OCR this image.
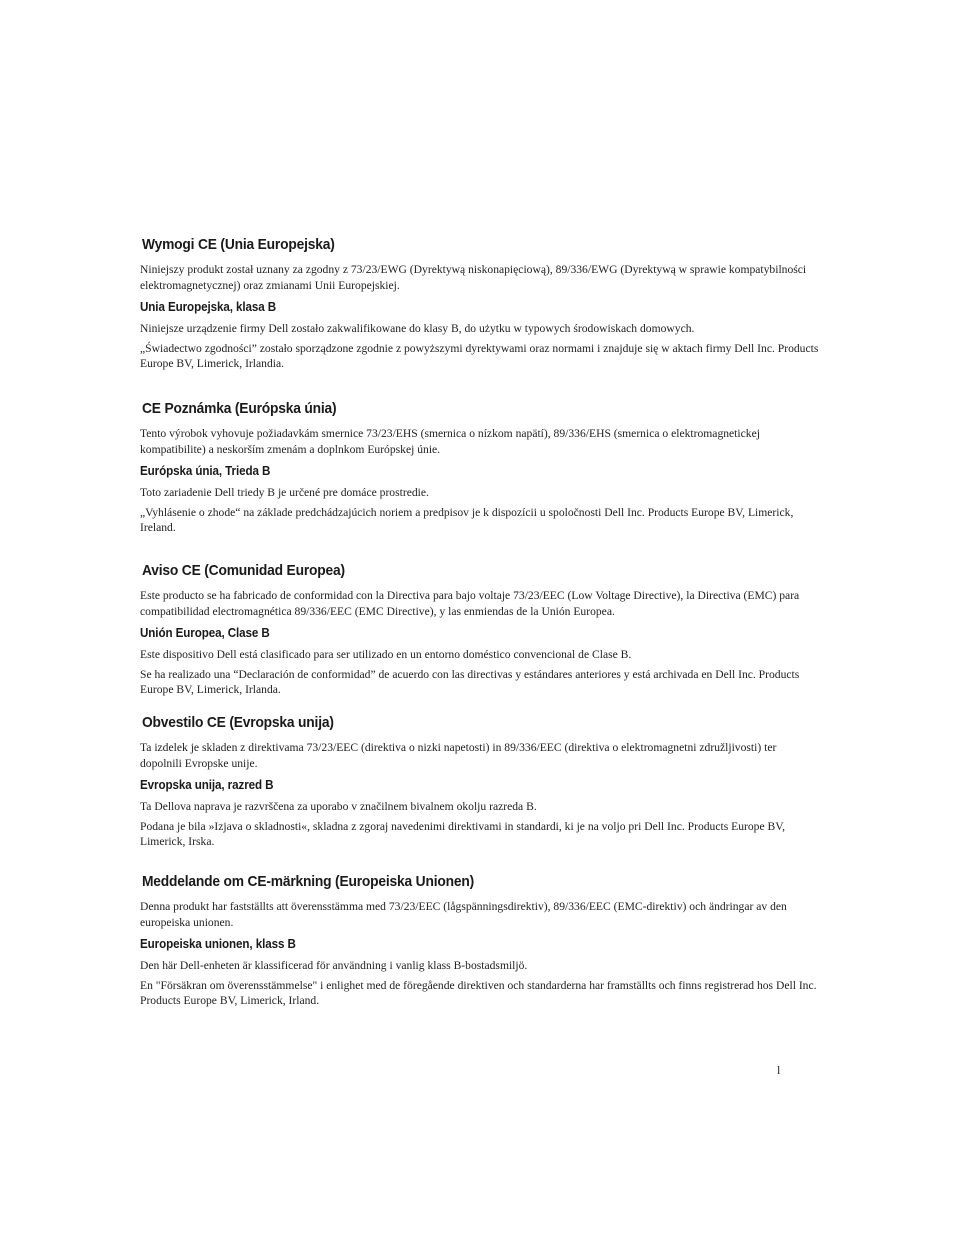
Wymogi CE (Unia Europejska)

Niniejszy produkt został uznany za zgodny z 73/23/EWG (Dyrektywą niskonapięciową), 89/336/EWG (Dyrektywą w sprawie kompatybilności elektromagnetycznej) oraz zmianami Unii Europejskiej.

Unia Europejska, klasa B

Niniejsze urządzenie firmy Dell zostało zakwalifikowane do klasy B, do użytku w typowych środowiskach domowych.

„Świadectwo zgodności” zostało sporządzone zgodnie z powyższymi dyrektywami oraz normami i znajduje się w aktach firmy Dell Inc. Products Europe BV, Limerick, Irlandia.

CE Poznámka (Európska únia)

Tento výrobok vyhovuje požiadavkám smernice 73/23/EHS (smernica o nízkom napätí), 89/336/EHS (smernica o elektromagnetickej kompatibilite) a neskorším zmenám a doplnkom Európskej únie.

Európska únia, Trieda B

Toto zariadenie Dell triedy B je určené pre domáce prostredie.

„Vyhlásenie o zhode“ na základe predchádzajúcich noriem a predpisov je k dispozícii u spoločnosti Dell Inc. Products Europe BV, Limerick, Ireland.

Aviso CE (Comunidad Europea)

Este producto se ha fabricado de conformidad con la Directiva para bajo voltaje 73/23/EEC (Low Voltage Directive), la Directiva (EMC) para compatibilidad electromagnética 89/336/EEC (EMC Directive), y las enmiendas de la Unión Europea.

Unión Europea, Clase B

Este dispositivo Dell está clasificado para ser utilizado en un entorno doméstico convencional de Clase B.

Se ha realizado una “Declaración de conformidad” de acuerdo con las directivas y estándares anteriores y está archivada en Dell Inc. Products Europe BV, Limerick, Irlanda.

Obvestilo CE (Evropska unija)

Ta izdelek je skladen z direktivama 73/23/EEC (direktiva o nizki napetosti) in 89/336/EEC (direktiva o elektromagnetni združljivosti) ter dopolnili Evropske unije.

Evropska unija, razred B

Ta Dellova naprava je razvrščena za uporabo v značilnem bivalnem okolju razreda B.

Podana je bila »Izjava o skladnosti«, skladna z zgoraj navedenimi direktivami in standardi, ki je na voljo pri Dell Inc. Products Europe BV, Limerick, Irska.

Meddelande om CE-märkning (Europeiska Unionen)

Denna produkt har fastställts att överensstämma med 73/23/EEC (lågspänningsdirektiv), 89/336/EEC (EMC-direktiv) och ändringar av den europeiska unionen.

Europeiska unionen, klass B

Den här Dell-enheten är klassificerad för användning i vanlig klass B-bostadsmiljö.

En "Försäkran om överensstämmelse" i enlighet med de föregående direktiven och standarderna har framställts och finns registrerad hos Dell Inc. Products Europe BV, Limerick, Irland.

l
